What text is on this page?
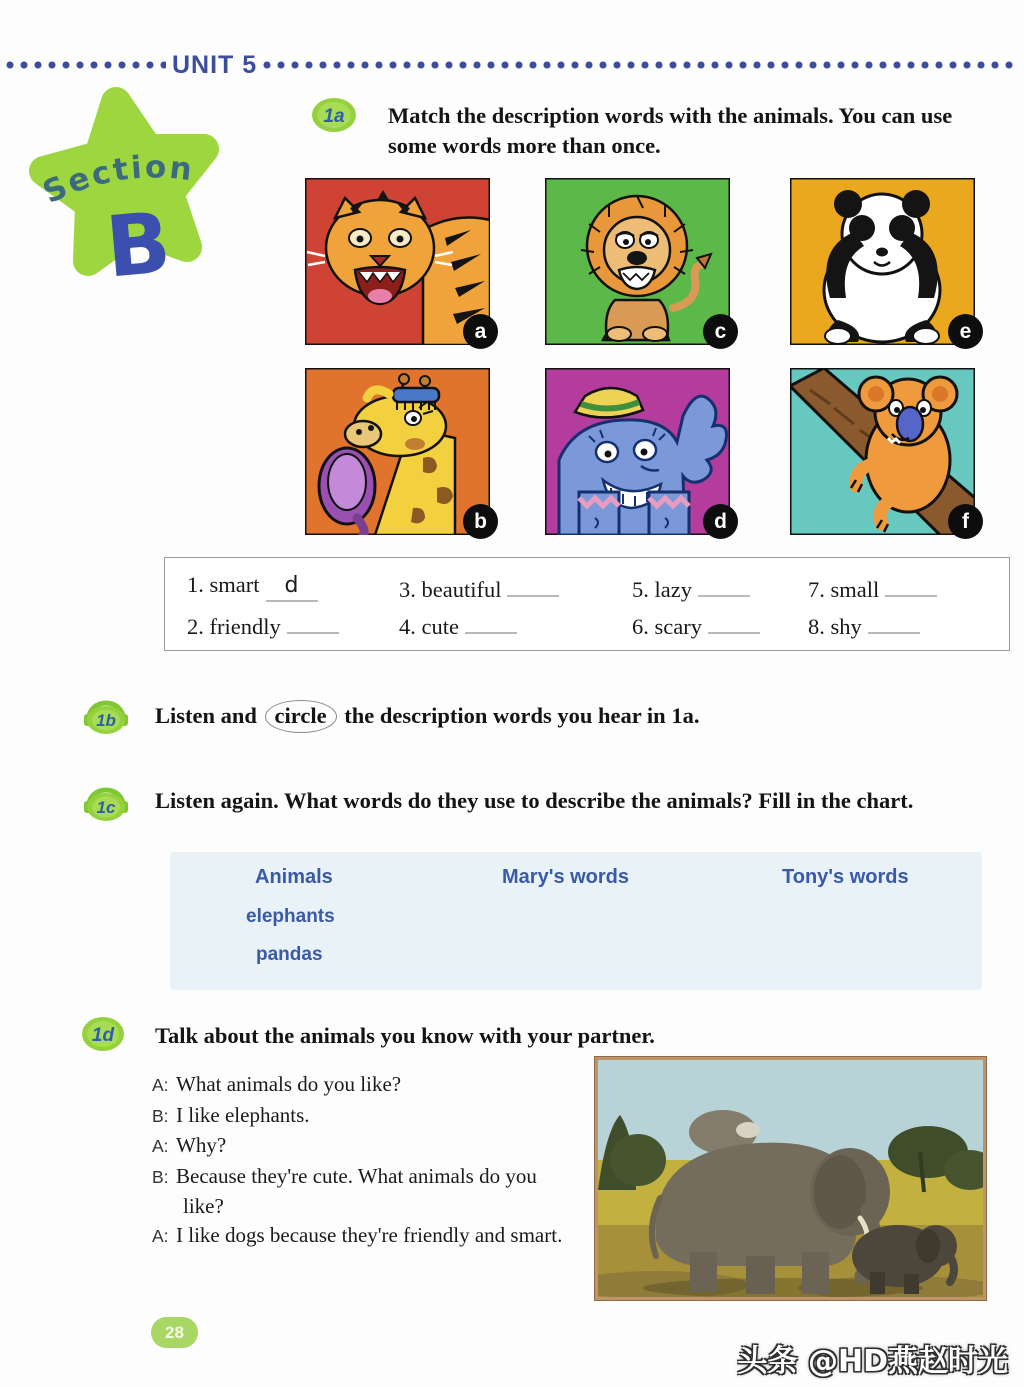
UNIT 5
Section
B
1a Match the description words with the animals. You can use some words more than once.
a	c	e
b	d	f
1. smart d
2. friendly
3. beautiful
4. cute
5. lazy
6. scary
7. small
8. shy
1b Listen and circle the description words you hear in 1a.
1c Listen again. What words do they use to describe the animals? Fill in the chart.
Animals	Mary's words	Tony's words
elephants
pandas
1d Talk about the animals you know with your partner.

A: What animals do you like?

B: I like elephants.

A: Why?

B: Because they're cute. What animals do you like?

A: I like dogs because they're friendly and smart.

28
头条 @HD燕赵时光
